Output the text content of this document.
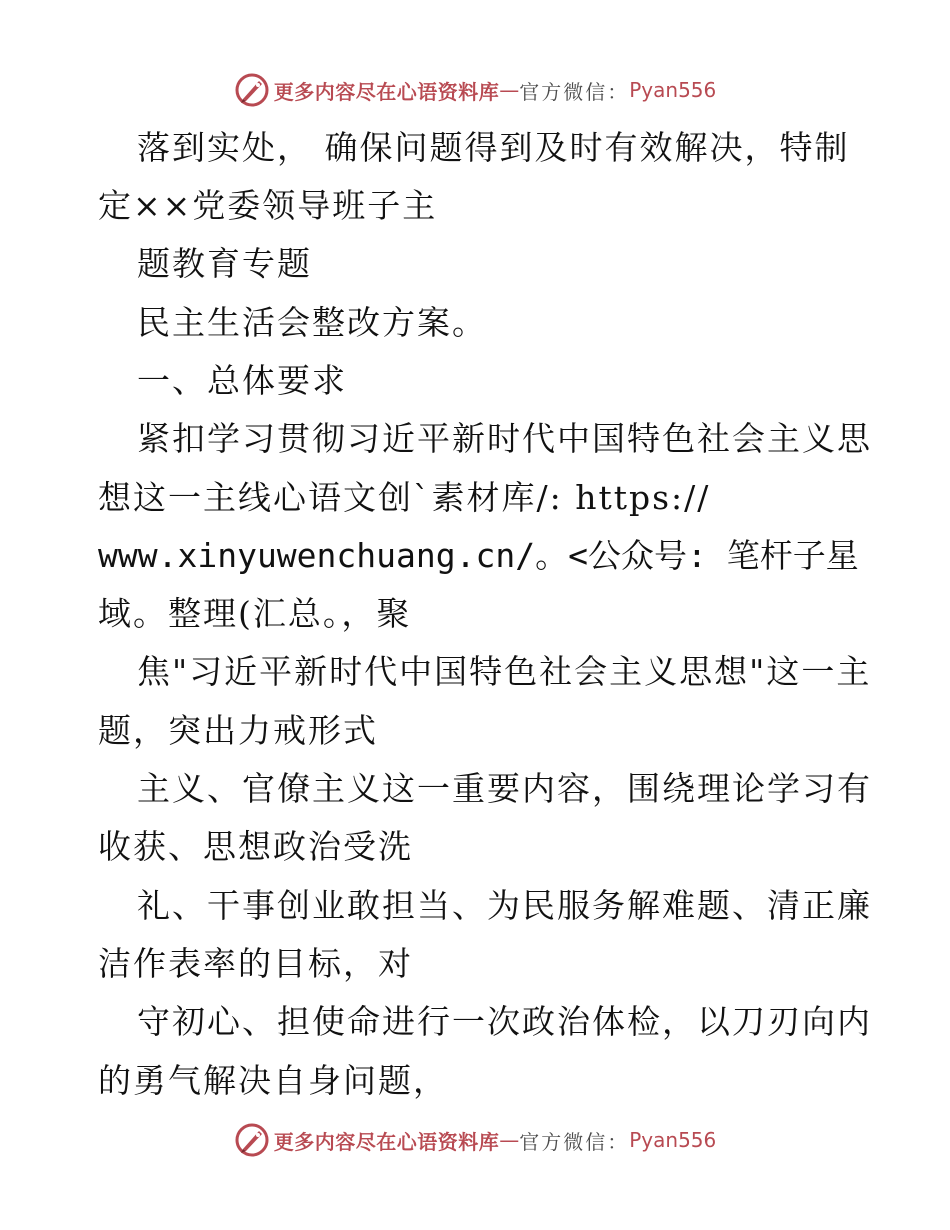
更多内容尽在心语资料库 — 官方微信： Pyan556
落到实处， 确保问题得到及时有效解决，特制
定××党委领导班子主
题教育专题
民主生活会整改方案。
一、总体要求
紧扣学习贯彻习近平新时代中国特色社会主义思
想这一主线心语文创`素材库/: https://
www.xinyuwenchuang.cn/。<公众号: 笔杆子星
域。整理(汇总。，聚
焦"习近平新时代中国特色社会主义思想"这一主
题，突出力戒形式
主义、官僚主义这一重要内容，围绕理论学习有
收获、思想政治受洗
礼、干事创业敢担当、为民服务解难题、清正廉
洁作表率的目标，对
守初心、担使命进行一次政治体检，以刀刃向内
的勇气解决自身问题，
更多内容尽在心语资料库 — 官方微信： Pyan556
